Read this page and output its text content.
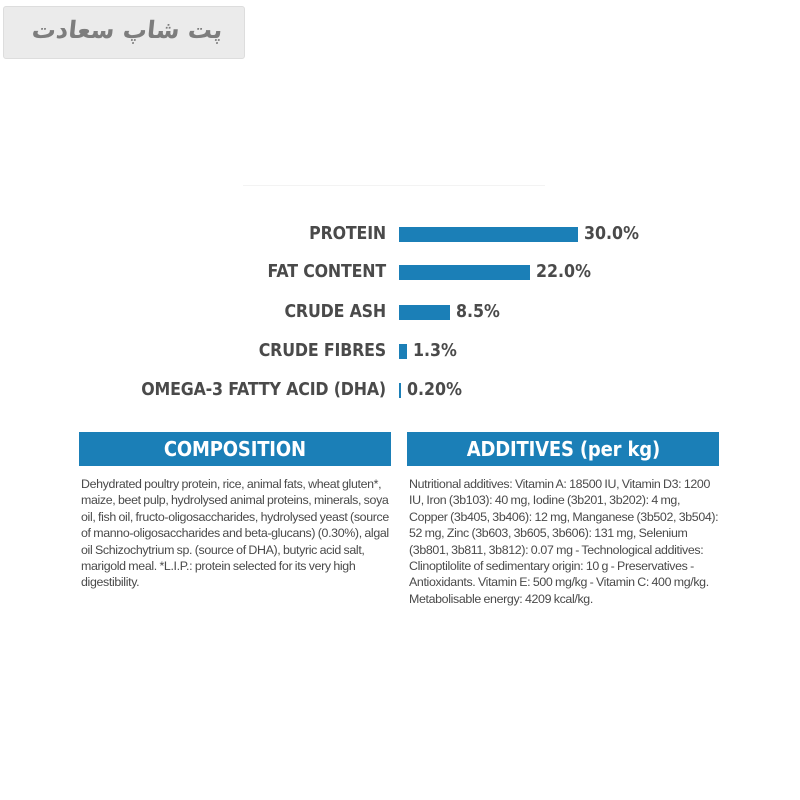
پت شاپ سعادت
PROTEIN	30.0%
FAT CONTENT	22.0%
CRUDE ASH	8.5%
CRUDE FIBRES 1.3%
OMEGA-3 FATTY ACID (DHA) 0.20%
COMPOSITION
Dehydrated poultry protein, rice, animal fats, wheat gluten*, maize, beet pulp, hydrolysed animal proteins, minerals, soya oil, fish oil, fructo-oligosaccharides, hydrolysed yeast (source of manno-oligosaccharides and beta-glucans) (0.30%), algal oil Schizochytrium sp. (source of DHA), butyric acid salt, marigold meal. *L.I.P.: protein selected for its very high digestibility.
ADDITIVES (per kg)
Nutritional additives: Vitamin A: 18500 IU, Vitamin D3: 1200 IU, Iron (3b103): 40 mg, Iodine (3b201, 3b202): 4 mg, Copper (3b405, 3b406): 12 mg, Manganese (3b502, 3b504): 52 mg, Zinc (3b603, 3b605, 3b606): 131 mg, Selenium (3b801, 3b811, 3b812): 0.07 mg - Technological additives: Clinoptilolite of sedimentary origin: 10 g - Preservatives - Antioxidants. Vitamin E: 500 mg/kg - Vitamin C: 400 mg/kg. Metabolisable energy: 4209 kcal/kg.
